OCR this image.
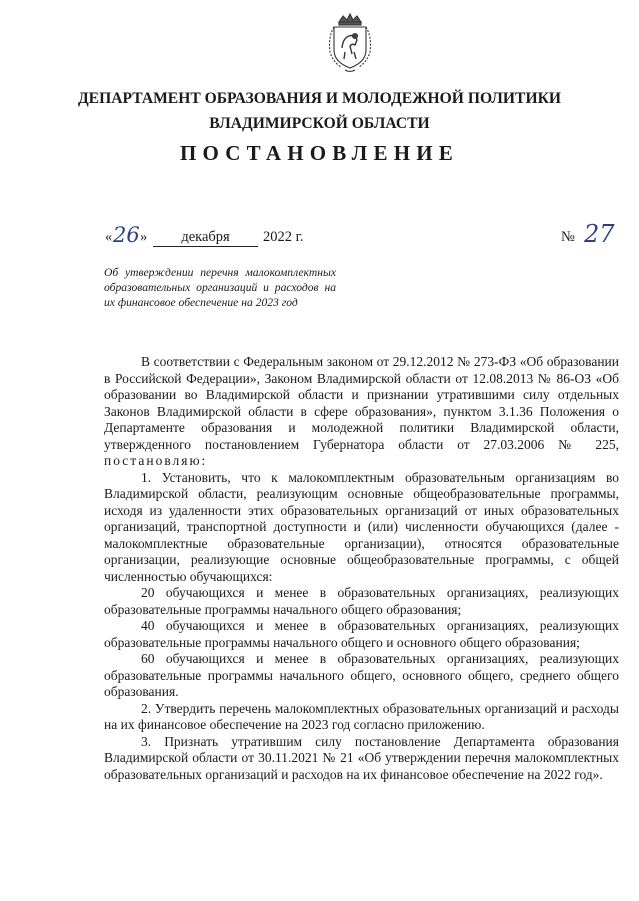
ДЕПАРТАМЕНТ ОБРАЗОВАНИЯ И МОЛОДЕЖНОЙ ПОЛИТИКИ
ВЛАДИМИРСКОЙ ОБЛАСТИ
ПОСТАНОВЛЕНИЕ
« 26 »	декабря	2022 г.	№ 27
Об утверждении перечня малокомплектных образовательных организаций и расходов на их финансовое обеспечение на 2023 год

В соответствии с Федеральным законом от 29.12.2012 № 273-ФЗ «Об образовании в Российской Федерации», Законом Владимирской области от 12.08.2013 № 86-ОЗ «Об образовании во Владимирской области и признании утратившими силу отдельных Законов Владимирской области в сфере образования», пунктом 3.1.36 Положения о Департаменте образования и молодежной политики Владимирской области, утвержденного постановлением Губернатора области от 27.03.2006 № 225, постановляю:

1. Установить, что к малокомплектным образовательным организациям во Владимирской области, реализующим основные общеобразовательные программы, исходя из удаленности этих образовательных организаций от иных образовательных организаций, транспортной доступности и (или) численности обучающихся (далее - малокомплектные образовательные организации), относятся образовательные организации, реализующие основные общеобразовательные программы, с общей численностью обучающихся:

20 обучающихся и менее в образовательных организациях, реализующих образовательные программы начального общего образования;

40 обучающихся и менее в образовательных организациях, реализующих образовательные программы начального общего и основного общего образования;

60 обучающихся и менее в образовательных организациях, реализующих образовательные программы начального общего, основного общего, среднего общего образования.

2. Утвердить перечень малокомплектных образовательных организаций и расходы на их финансовое обеспечение на 2023 год согласно приложению.

3. Признать утратившим силу постановление Департамента образования Владимирской области от 30.11.2021 № 21 «Об утверждении перечня малокомплектных образовательных организаций и расходов на их финансовое обеспечение на 2022 год».
